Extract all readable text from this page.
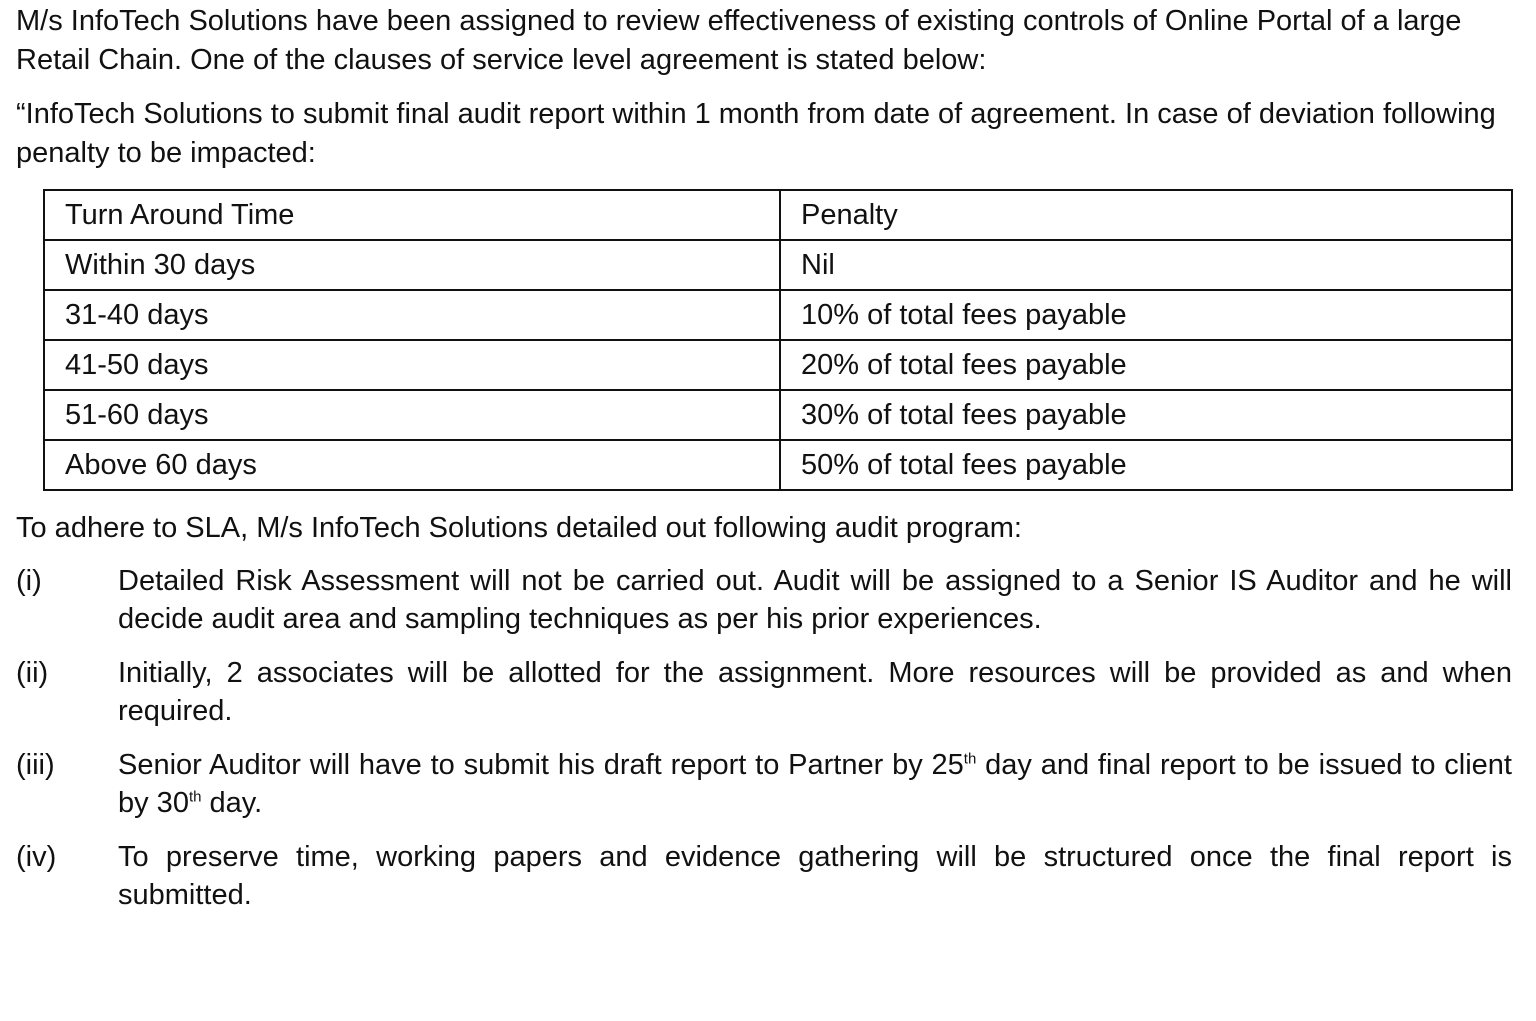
M/s InfoTech Solutions have been assigned to review effectiveness of existing controls of Online Portal of a large Retail Chain. One of the clauses of service level agreement is stated below:

“InfoTech Solutions to submit final audit report within 1 month from date of agreement. In case of deviation following penalty to be impacted:

Turn Around Time	Penalty
Within 30 days	Nil
31-40 days	10% of total fees payable
41-50 days	20% of total fees payable
51-60 days	30% of total fees payable
Above 60 days	50% of total fees payable

To adhere to SLA, M/s InfoTech Solutions detailed out following audit program:

(i)	Detailed Risk Assessment will not be carried out. Audit will be assigned to a Senior IS Auditor and he will decide audit area and sampling techniques as per his prior experiences.
(ii)	Initially, 2 associates will be allotted for the assignment. More resources will be provided as and when required.
(iii)	Senior Auditor will have to submit his draft report to Partner by 25th day and final report to be issued to client by 30th day.
(iv)	To preserve time, working papers and evidence gathering will be structured once the final report is submitted.
